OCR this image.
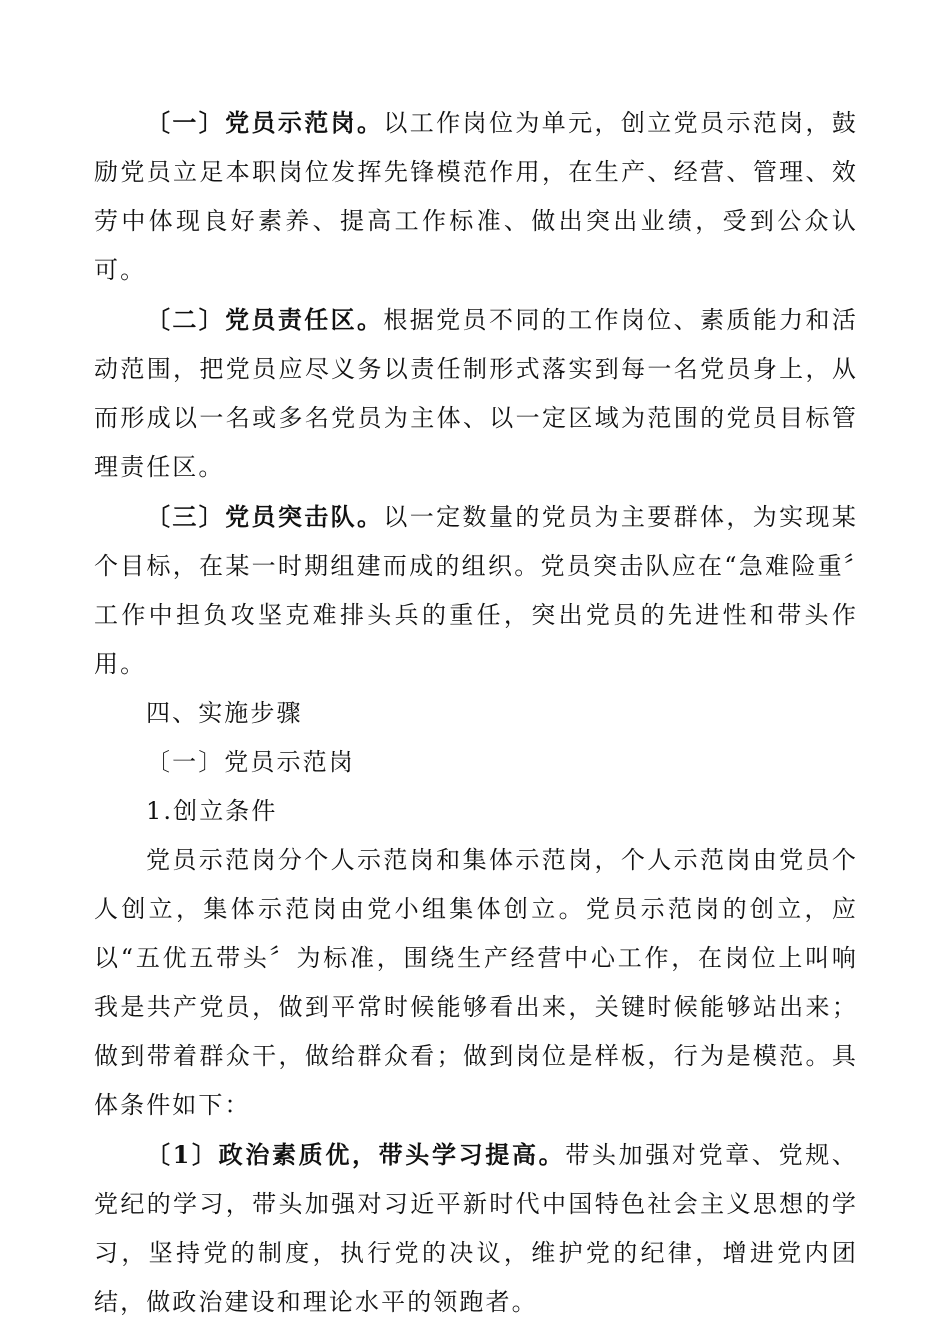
〔一〕党员示范岗。以工作岗位为单元，创立党员示范岗，鼓励党员立足本职岗位发挥先锋模范作用，在生产、经营、管理、效劳中体现良好素养、提高工作标准、做出突出业绩，受到公众认可。

〔二〕党员责任区。根据党员不同的工作岗位、素质能力和活动范围，把党员应尽义务以责任制形式落实到每一名党员身上，从而形成以一名或多名党员为主体、以一定区域为范围的党员目标管理责任区。

〔三〕党员突击队。以一定数量的党员为主要群体，为实现某个目标，在某一时期组建而成的组织。党员突击队应在“急难险重〞工作中担负攻坚克难排头兵的重任，突出党员的先进性和带头作用。

四、实施步骤

〔一〕党员示范岗

1.创立条件

党员示范岗分个人示范岗和集体示范岗，个人示范岗由党员个人创立，集体示范岗由党小组集体创立。党员示范岗的创立，应以“五优五带头〞为标准，围绕生产经营中心工作，在岗位上叫响我是共产党员，做到平常时候能够看出来，关键时候能够站出来；做到带着群众干，做给群众看；做到岗位是样板，行为是模范。具体条件如下：

〔1〕政治素质优，带头学习提高。带头加强对党章、党规、党纪的学习，带头加强对习近平新时代中国特色社会主义思想的学习，坚持党的制度，执行党的决议，维护党的纪律，增进党内团结，做政治建设和理论水平的领跑者。
